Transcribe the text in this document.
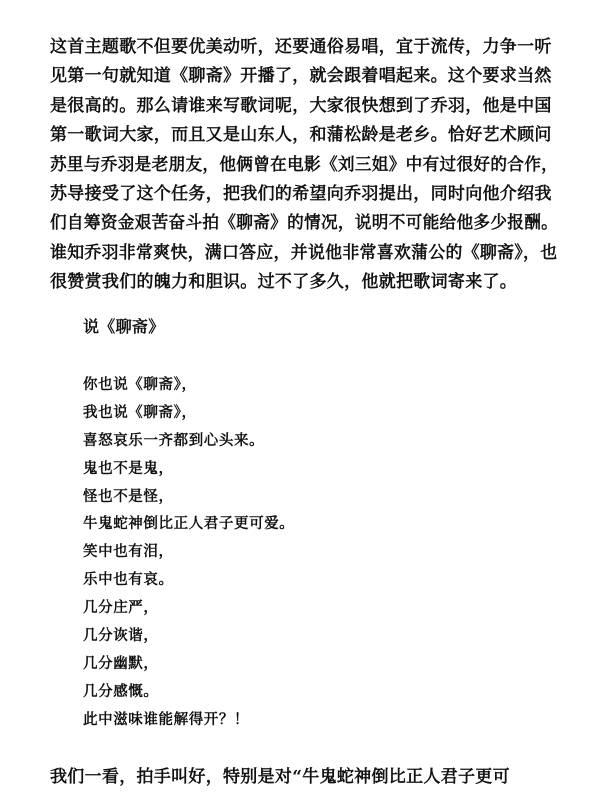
这首主题歌不但要优美动听，还要通俗易唱，宜于流传，力争一听
见第一句就知道《聊斋》开播了，就会跟着唱起来。这个要求当然
是很高的。那么请谁来写歌词呢，大家很快想到了乔羽，他是中国
第一歌词大家，而且又是山东人，和蒲松龄是老乡。恰好艺术顾问
苏里与乔羽是老朋友，他俩曾在电影《刘三姐》中有过很好的合作，
苏导接受了这个任务，把我们的希望向乔羽提出，同时向他介绍我
们自筹资金艰苦奋斗拍《聊斋》的情况，说明不可能给他多少报酬。
谁知乔羽非常爽快，满口答应，并说他非常喜欢蒲公的《聊斋》，也
很赞赏我们的魄力和胆识。过不了多久，他就把歌词寄来了。

说《聊斋》
你也说《聊斋》，
我也说《聊斋》，
喜怒哀乐一齐都到心头来。
鬼也不是鬼，
怪也不是怪，
牛鬼蛇神倒比正人君子更可爱。
笑中也有泪，
乐中也有哀。
几分庄严，
几分诙谐，
几分幽默，
几分感慨。
此中滋味谁能解得开？！

我们一看，拍手叫好，特别是对“牛鬼蛇神倒比正人君子更可
